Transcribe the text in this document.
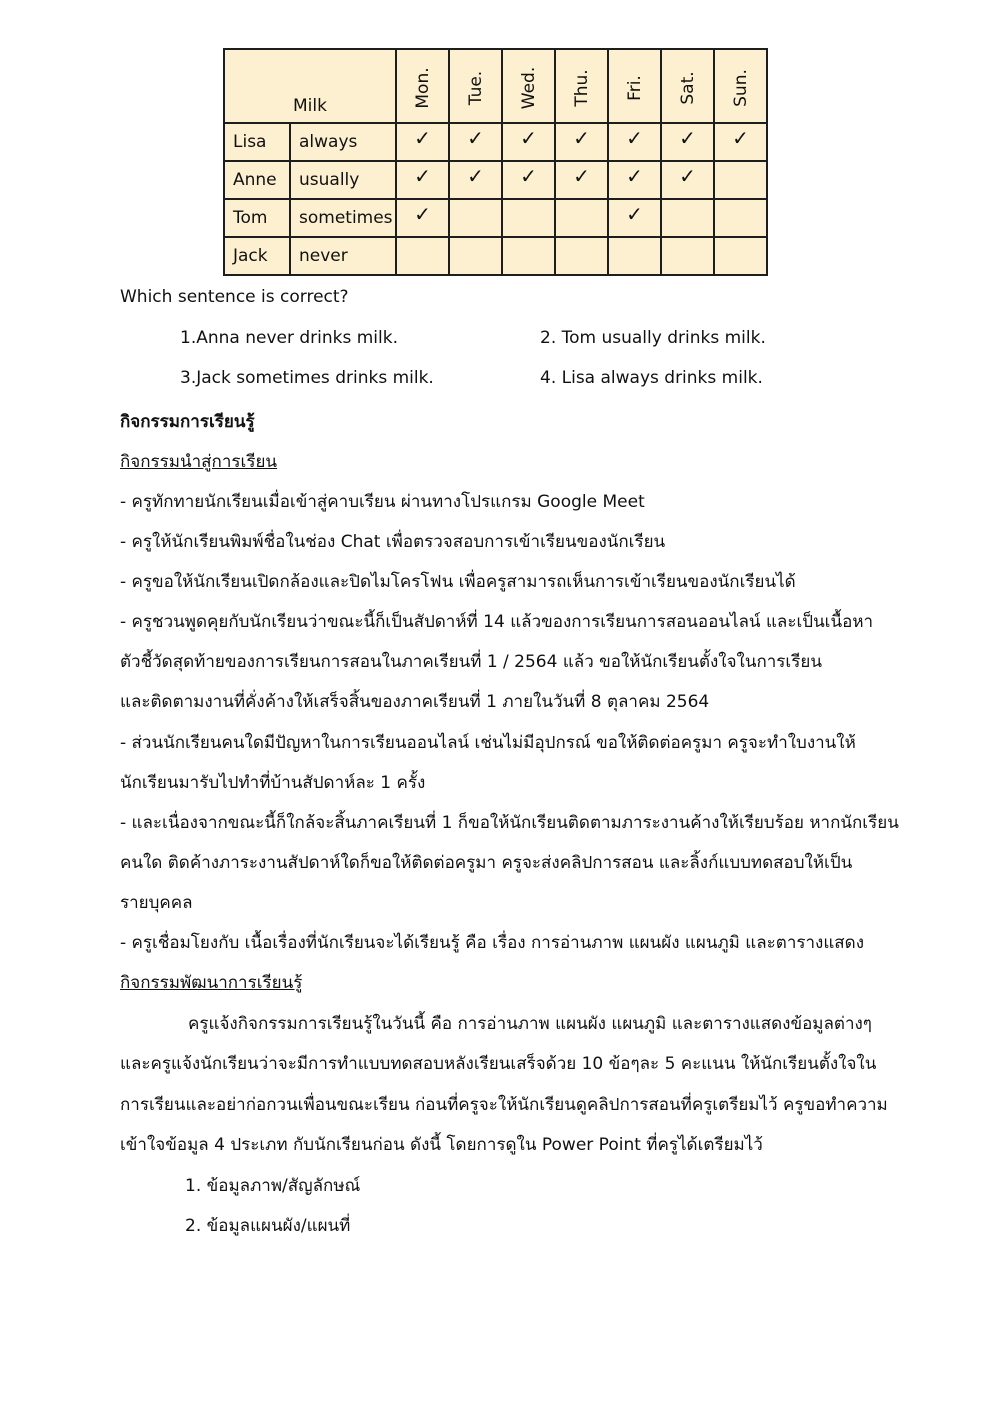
Milk		Mon.	Tue.	Wed.	Thu.	Fri.	Sat.	Sun.

Lisa	always	✓	✓	✓	✓	✓	✓	✓
Anne	usually	✓	✓	✓	✓	✓	✓	
Tom	sometimes	✓				✓		
Jack	never							
Which sentence is correct?
1.Anna never drinks milk.	2. Tom usually drinks milk.
3.Jack sometimes drinks milk.	4. Lisa always drinks milk.
กิจกรรมการเรียนรู้
กิจกรรมนำสู่การเรียน
- ครูทักทายนักเรียนเมื่อเข้าสู่คาบเรียน ผ่านทางโปรแกรม Google Meet
- ครูให้นักเรียนพิมพ์ชื่อในช่อง Chat เพื่อตรวจสอบการเข้าเรียนของนักเรียน
- ครูขอให้นักเรียนเปิดกล้องและปิดไมโครโฟน เพื่อครูสามารถเห็นการเข้าเรียนของนักเรียนได้
- ครูชวนพูดคุยกับนักเรียนว่าขณะนี้ก็เป็นสัปดาห์ที่ 14 แล้วของการเรียนการสอนออนไลน์ และเป็นเนื้อหา
ตัวชี้วัดสุดท้ายของการเรียนการสอนในภาคเรียนที่ 1 / 2564 แล้ว ขอให้นักเรียนตั้งใจในการเรียน
และติดตามงานที่คั่งค้างให้เสร็จสิ้นของภาคเรียนที่ 1 ภายในวันที่ 8 ตุลาคม 2564
- ส่วนนักเรียนคนใดมีปัญหาในการเรียนออนไลน์ เช่นไม่มีอุปกรณ์ ขอให้ติดต่อครูมา ครูจะทำใบงานให้
นักเรียนมารับไปทำที่บ้านสัปดาห์ละ 1 ครั้ง
- และเนื่องจากขณะนี้ก็ใกล้จะสิ้นภาคเรียนที่ 1 ก็ขอให้นักเรียนติดตามภาระงานค้างให้เรียบร้อย หากนักเรียน
คนใด ติดค้างภาระงานสัปดาห์ใดก็ขอให้ติดต่อครูมา ครูจะส่งคลิปการสอน และลิ้งก์แบบทดสอบให้เป็น
รายบุคคล
- ครูเชื่อมโยงกับ เนื้อเรื่องที่นักเรียนจะได้เรียนรู้ คือ เรื่อง การอ่านภาพ แผนผัง แผนภูมิ และตารางแสดง
กิจกรรมพัฒนาการเรียนรู้
ครูแจ้งกิจกรรมการเรียนรู้ในวันนี้ คือ การอ่านภาพ แผนผัง แผนภูมิ และตารางแสดงข้อมูลต่างๆ
และครูแจ้งนักเรียนว่าจะมีการทำแบบทดสอบหลังเรียนเสร็จด้วย 10 ข้อๆละ 5 คะแนน ให้นักเรียนตั้งใจใน
การเรียนและอย่าก่อกวนเพื่อนขณะเรียน ก่อนที่ครูจะให้นักเรียนดูคลิปการสอนที่ครูเตรียมไว้ ครูขอทำความ
เข้าใจข้อมูล 4 ประเภท กับนักเรียนก่อน ดังนี้ โดยการดูใน Power Point ที่ครูได้เตรียมไว้
1. ข้อมูลภาพ/สัญลักษณ์
2. ข้อมูลแผนผัง/แผนที่
